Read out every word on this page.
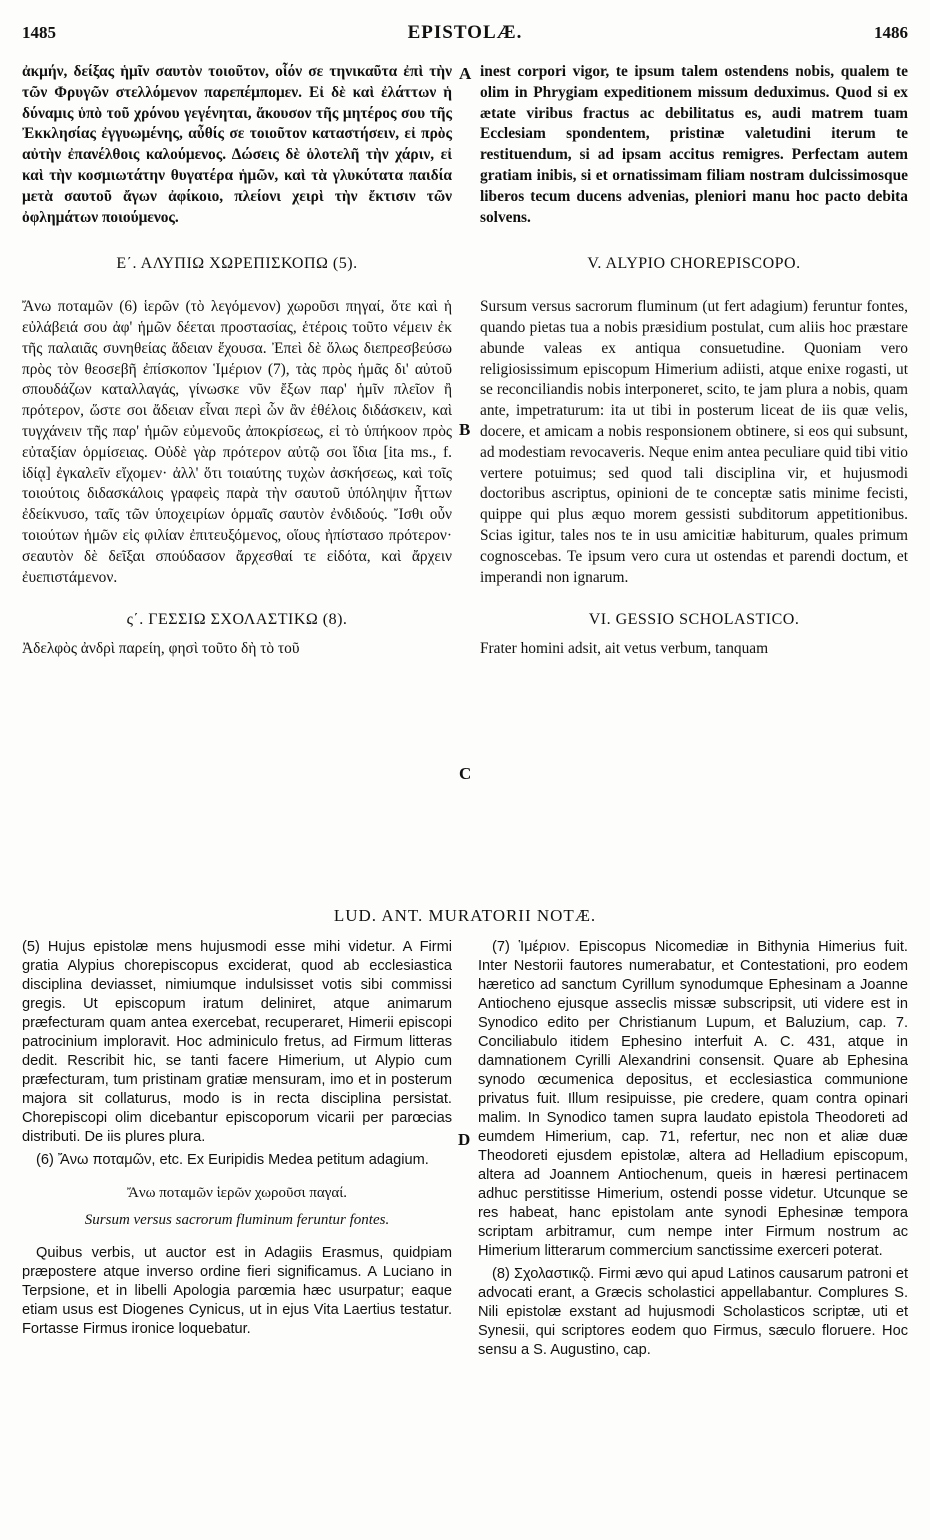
1485	EPISTOLÆ.	1486

ἀκμήν, δείξας ἡμῖν σαυτὸν τοιοῦτον, οἷόν σε τηνικαῦτα ἐπὶ τὴν τῶν Φρυγῶν στελλόμενον παρεπέμπομεν. Εἰ δὲ καὶ ἐλάττων ἡ δύναμις ὑπὸ τοῦ χρόνου γεγένηται, ἄκουσον τῆς μητέρος σου τῆς Ἐκκλησίας ἐγγυωμένης, αὖθίς σε τοιοῦτον καταστήσειν, εἰ πρὸς αὐτὴν ἐπανέλθοις καλούμενος. Δώσεις δὲ ὁλοτελῆ τὴν χάριν, εἰ καὶ τὴν κοσμιωτάτην θυγατέρα ἡμῶν, καὶ τὰ γλυκύτατα παιδία μετὰ σαυτοῦ ἄγων ἀφίκοιο, πλείονι χειρὶ τὴν ἔκτισιν τῶν ὀφλημάτων ποιούμενος.

Ε΄. ΑΛΥΠΙΩ ΧΩΡΕΠΙΣΚΟΠΩ (5).

Ἄνω ποταμῶν (6) ἱερῶν (τὸ λεγόμενον) χωροῦσι πηγαί, ὅτε καὶ ἡ εὐλάβειά σου ἀφ' ἡμῶν δέεται προστασίας, ἑτέροις τοῦτο νέμειν ἐκ τῆς παλαιᾶς συνηθείας ἄδειαν ἔχουσα. Ἐπεὶ δὲ ὅλως διεπρεσβεύσω πρὸς τὸν θεοσεβῆ ἐπίσκοπον Ἱμέριον (7), τὰς πρὸς ἡμᾶς δι' αὐτοῦ σπουδάζων καταλλαγάς, γίνωσκε νῦν ἔξων παρ' ἡμῖν πλεῖον ἢ πρότερον, ὥστε σοι ἄδειαν εἶναι περὶ ὧν ἂν ἐθέλοις διδάσκειν, καὶ τυγχάνειν τῆς παρ' ἡμῶν εὐμενοῦς ἀποκρίσεως, εἰ τὸ ὑπήκοον πρὸς εὐταξίαν ὁρμίσειας. Οὐδὲ γὰρ πρότερον αὐτῷ σοι ἴδια [ita ms., f. ἰδίᾳ] ἐγκαλεῖν εἴχομεν· ἀλλ' ὅτι τοιαύτης τυχὼν ἀσκήσεως, καὶ τοῖς τοιούτοις διδασκάλοις γραφεὶς παρὰ τὴν σαυτοῦ ὑπόληψιν ἧττων ἐδείκνυσο, ταῖς τῶν ὑποχειρίων ὁρμαῖς σαυτὸν ἐνδιδούς. Ἴσθι οὖν τοιούτων ἡμῶν εἰς φιλίαν ἐπιτευξόμενος, οἵους ἠπίστασο πρότερον· σεαυτὸν δὲ δεῖξαι σπούδασον ἄρχεσθαί τε εἰδότα, καὶ ἄρχειν ἐυεπιστάμενον.

ς΄. ΓΕΣΣΙΩ ΣΧΟΛΑΣΤΙΚΩ (8).

Ἀδελφὸς ἀνδρὶ παρείη, φησὶ τοῦτο δὴ τὸ τοῦ

inest corpori vigor, te ipsum talem ostendens nobis, qualem te olim in Phrygiam expeditionem missum deduximus. Quod si ex ætate viribus fractus ac debilitatus es, audi matrem tuam Ecclesiam spondentem, pristinæ valetudini iterum te restituendum, si ad ipsam accitus remigres. Perfectam autem gratiam inibis, si et ornatissimam filiam nostram dulcissimosque liberos tecum ducens advenias, pleniori manu hoc pacto debita solvens.

V. ALYPIO CHOREPISCOPO.

Sursum versus sacrorum fluminum (ut fert adagium) feruntur fontes, quando pietas tua a nobis præsidium postulat, cum aliis hoc præstare abunde valeas ex antiqua consuetudine. Quoniam vero religiosissimum episcopum Himerium adiisti, atque enixe rogasti, ut se reconciliandis nobis interponeret, scito, te jam plura a nobis, quam ante, impetraturum: ita ut tibi in posterum liceat de iis quæ velis, docere, et amicam a nobis responsionem obtinere, si eos qui subsunt, ad modestiam revocaveris. Neque enim antea peculiare quid tibi vitio vertere potuimus; sed quod tali disciplina vir, et hujusmodi doctoribus ascriptus, opinioni de te conceptæ satis minime fecisti, quippe qui plus æquo morem gessisti subditorum appetitionibus. Scias igitur, tales nos te in usu amicitiæ habiturum, quales primum cognoscebas. Te ipsum vero cura ut ostendas et parendi doctum, et imperandi non ignarum.

VI. GESSIO SCHOLASTICO.

Frater homini adsit, ait vetus verbum, tanquam

A
B
C
D
LUD. ANT. MURATORII NOTÆ.

(5) Hujus epistolæ mens hujusmodi esse mihi videtur. A Firmi gratia Alypius chorepiscopus exciderat, quod ab ecclesiastica disciplina deviasset, nimiumque indulsisset votis sibi commissi gregis. Ut episcopum iratum deliniret, atque animarum præfecturam quam antea exercebat, recuperaret, Himerii episcopi patrocinium imploravit. Hoc adminiculo fretus, ad Firmum litteras dedit. Rescribit hic, se tanti facere Himerium, ut Alypio cum præfecturam, tum pristinam gratiæ mensuram, imo et in posterum majora sit collaturus, modo is in recta disciplina persistat. Chorepiscopi olim dicebantur episcoporum vicarii per parœcias distributi. De iis plures plura.

(6) Ἄνω ποταμῶν, etc. Ex Euripidis Medea petitum adagium.

Ἄνω ποταμῶν ἱερῶν χωροῦσι παγαί.

Sursum versus sacrorum fluminum feruntur fontes.

Quibus verbis, ut auctor est in Adagiis Erasmus, quidpiam præpostere atque inverso ordine fieri significamus. A Luciano in Terpsione, et in libelli Apologia parœmia hæc usurpatur; eaque etiam usus est Diogenes Cynicus, ut in ejus Vita Laertius testatur. Fortasse Firmus ironice loquebatur.

(7) Ἱμέριον. Episcopus Nicomediæ in Bithynia Himerius fuit. Inter Nestorii fautores numerabatur, et Contestationi, pro eodem hæretico ad sanctum Cyrillum synodumque Ephesinam a Joanne Antiocheno ejusque asseclis missæ subscripsit, uti videre est in Synodico edito per Christianum Lupum, et Baluzium, cap. 7. Conciliabulo itidem Ephesino interfuit A. C. 431, atque in damnationem Cyrilli Alexandrini consensit. Quare ab Ephesina synodo œcumenica depositus, et ecclesiastica communione privatus fuit. Illum resipuisse, pie credere, quam contra opinari malim. In Synodico tamen supra laudato epistola Theodoreti ad eumdem Himerium, cap. 71, refertur, nec non et aliæ duæ Theodoreti ejusdem epistolæ, altera ad Helladium episcopum, altera ad Joannem Antiochenum, queis in hæresi pertinacem adhuc perstitisse Himerium, ostendi posse videtur. Utcunque se res habeat, hanc epistolam ante synodi Ephesinæ tempora scriptam arbitramur, cum nempe inter Firmum nostrum ac Himerium litterarum commercium sanctissime exerceri poterat.

(8) Σχολαστικῷ. Firmi ævo qui apud Latinos causarum patroni et advocati erant, a Græcis scholastici appellabantur. Complures S. Nili epistolæ exstant ad hujusmodi Scholasticos scriptæ, uti et Synesii, qui scriptores eodem quo Firmus, sæculo floruere. Hoc sensu a S. Augustino, cap.
